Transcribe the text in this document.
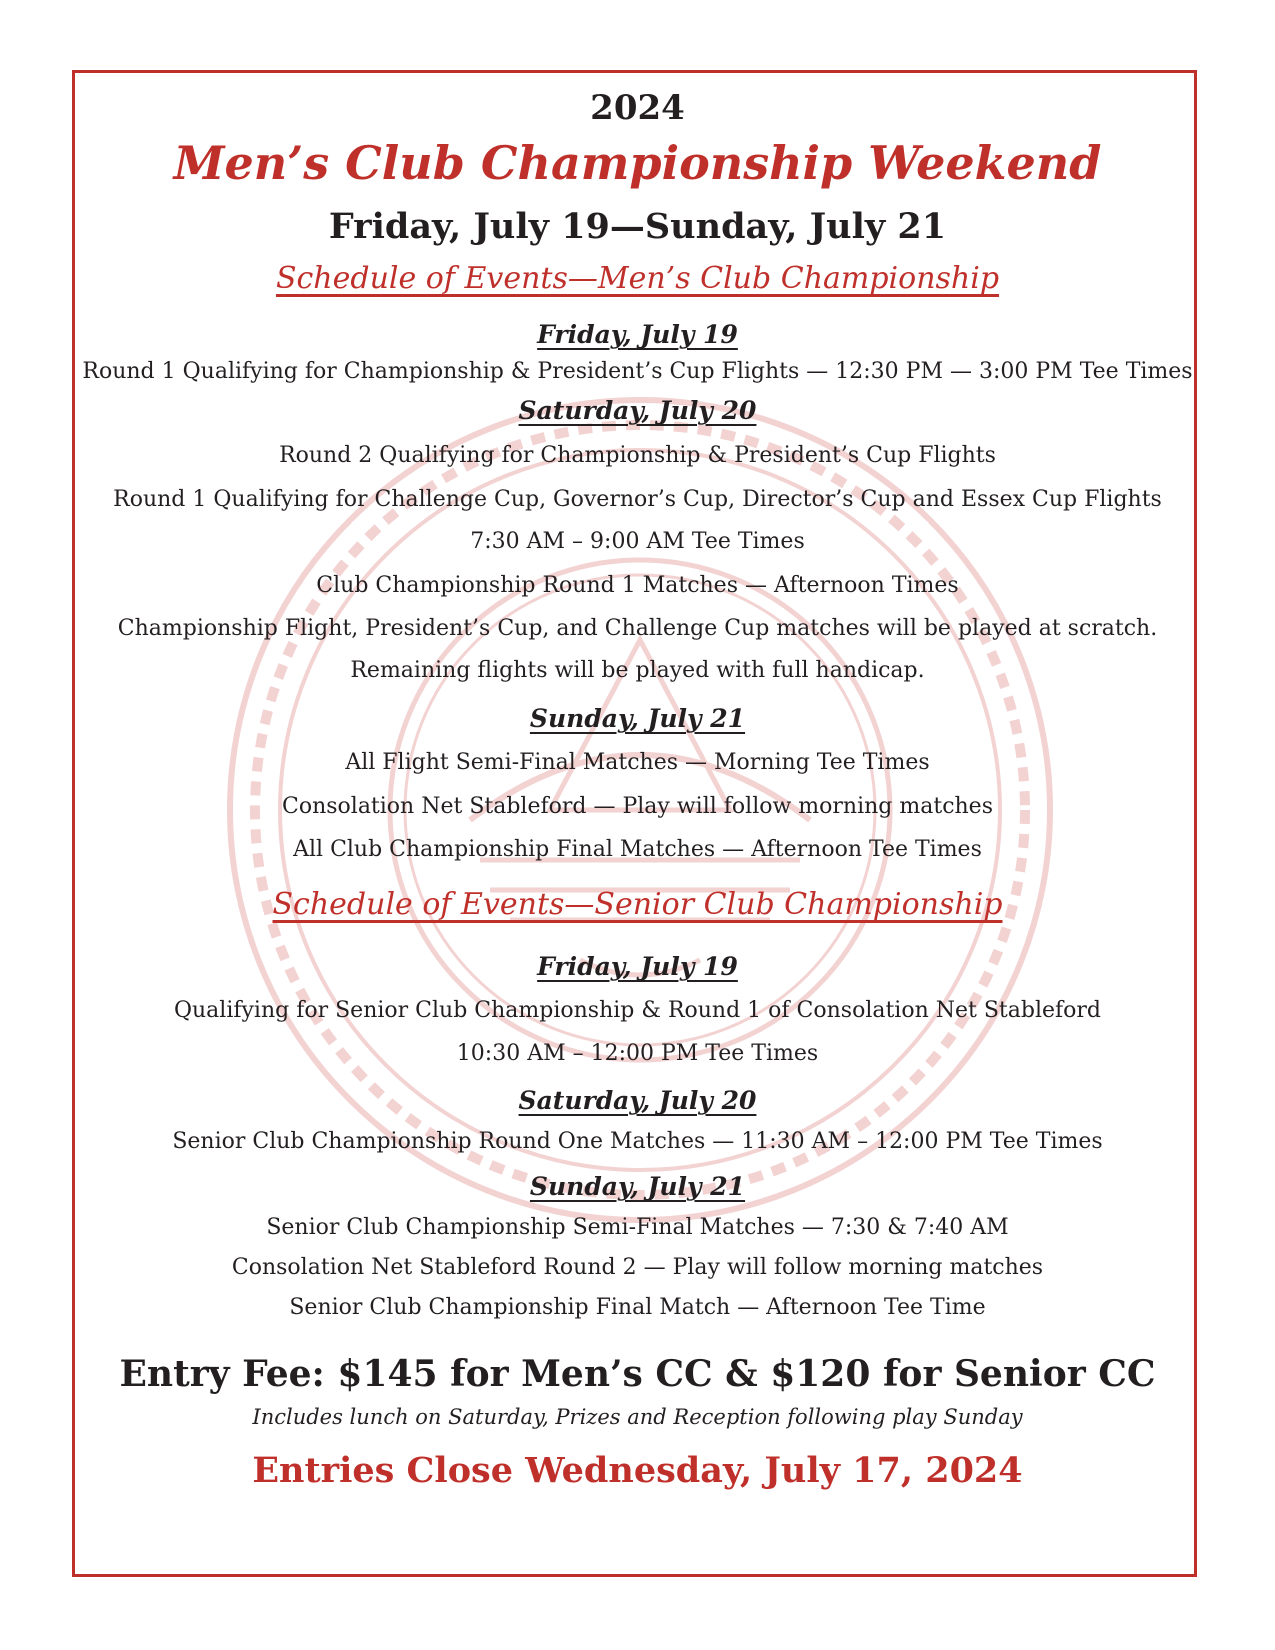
2024
Men’s Club Championship Weekend
Friday, July 19—Sunday, July 21
Schedule of Events—Men’s Club Championship
Friday, July 19
Round 1 Qualifying for Championship & President’s Cup Flights — 12:30 PM — 3:00 PM Tee Times
Saturday, July 20
Round 2 Qualifying for Championship & President’s Cup Flights
Round 1 Qualifying for Challenge Cup, Governor’s Cup, Director’s Cup and Essex Cup Flights
7:30 AM – 9:00 AM Tee Times
Club Championship Round 1 Matches — Afternoon Times
Championship Flight, President’s Cup, and Challenge Cup matches will be played at scratch.
Remaining flights will be played with full handicap.
Sunday, July 21
All Flight Semi-Final Matches — Morning Tee Times
Consolation Net Stableford — Play will follow morning matches
All Club Championship Final Matches — Afternoon Tee Times
Schedule of Events—Senior Club Championship
Friday, July 19
Qualifying for Senior Club Championship & Round 1 of Consolation Net Stableford
10:30 AM – 12:00 PM Tee Times
Saturday, July 20
Senior Club Championship Round One Matches — 11:30 AM – 12:00 PM Tee Times
Sunday, July 21
Senior Club Championship Semi-Final Matches — 7:30 & 7:40 AM
Consolation Net Stableford Round 2 — Play will follow morning matches
Senior Club Championship Final Match — Afternoon Tee Time
Entry Fee: $145 for Men’s CC & $120 for Senior CC
Includes lunch on Saturday, Prizes and Reception following play Sunday
Entries Close Wednesday, July 17, 2024
